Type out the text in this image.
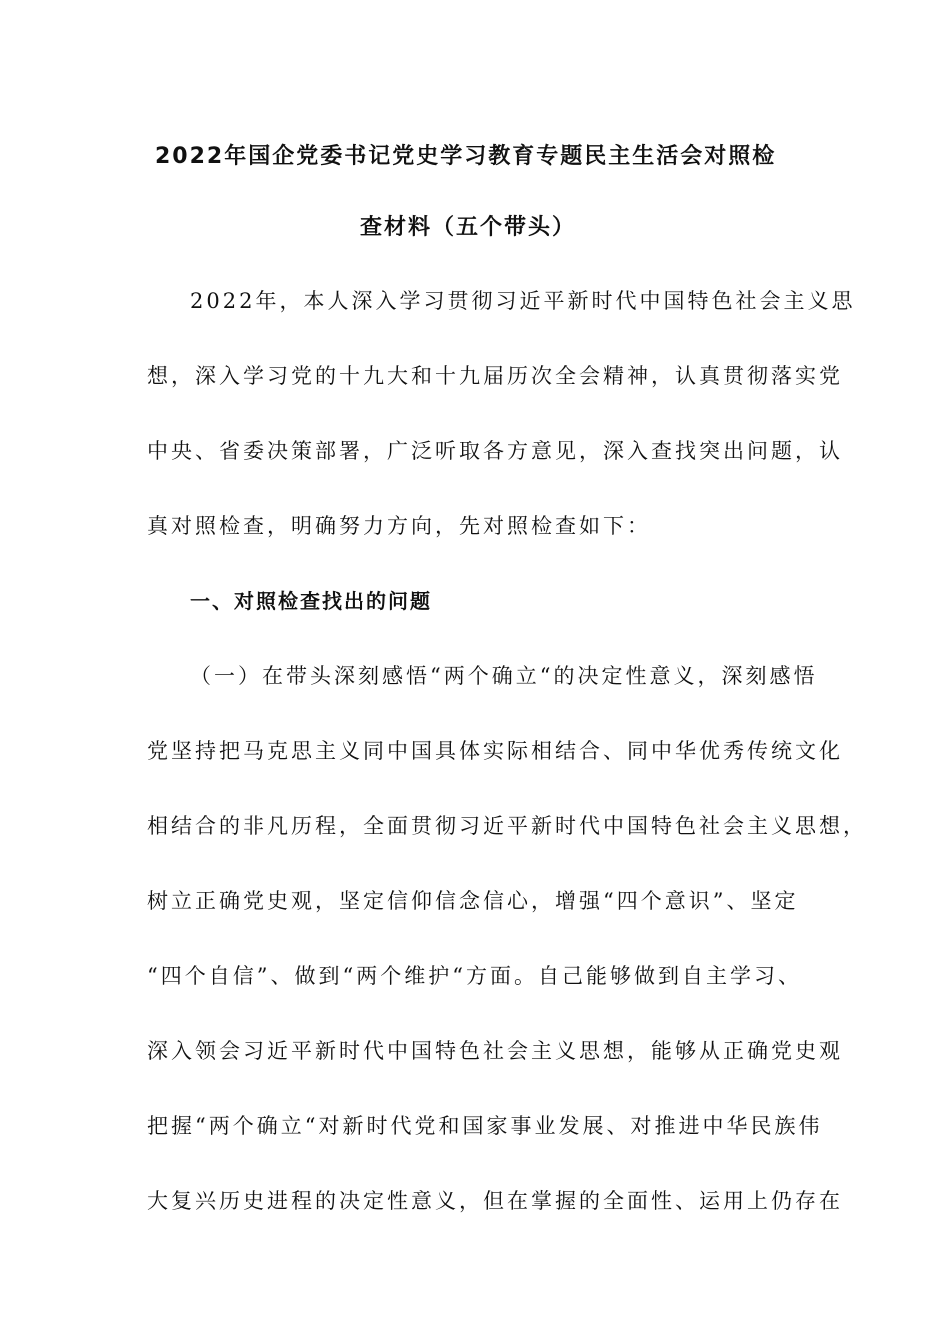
2022年国企党委书记党史学习教育专题民主生活会对照检
查材料（五个带头）
2022年，本人深入学习贯彻习近平新时代中国特色社会主义思
想，深入学习党的十九大和十九届历次全会精神，认真贯彻落实党
中央、省委决策部署，广泛听取各方意见，深入查找突出问题，认
真对照检查，明确努力方向，先对照检查如下：
一、对照检查找出的问题
（一）在带头深刻感悟“两个确立“的决定性意义，深刻感悟
党坚持把马克思主义同中国具体实际相结合、同中华优秀传统文化
相结合的非凡历程，全面贯彻习近平新时代中国特色社会主义思想，
树立正确党史观，坚定信仰信念信心，增强“四个意识”、坚定
“四个自信”、做到“两个维护“方面。自己能够做到自主学习、
深入领会习近平新时代中国特色社会主义思想，能够从正确党史观
把握“两个确立“对新时代党和国家事业发展、对推进中华民族伟
大复兴历史进程的决定性意义，但在掌握的全面性、运用上仍存在
